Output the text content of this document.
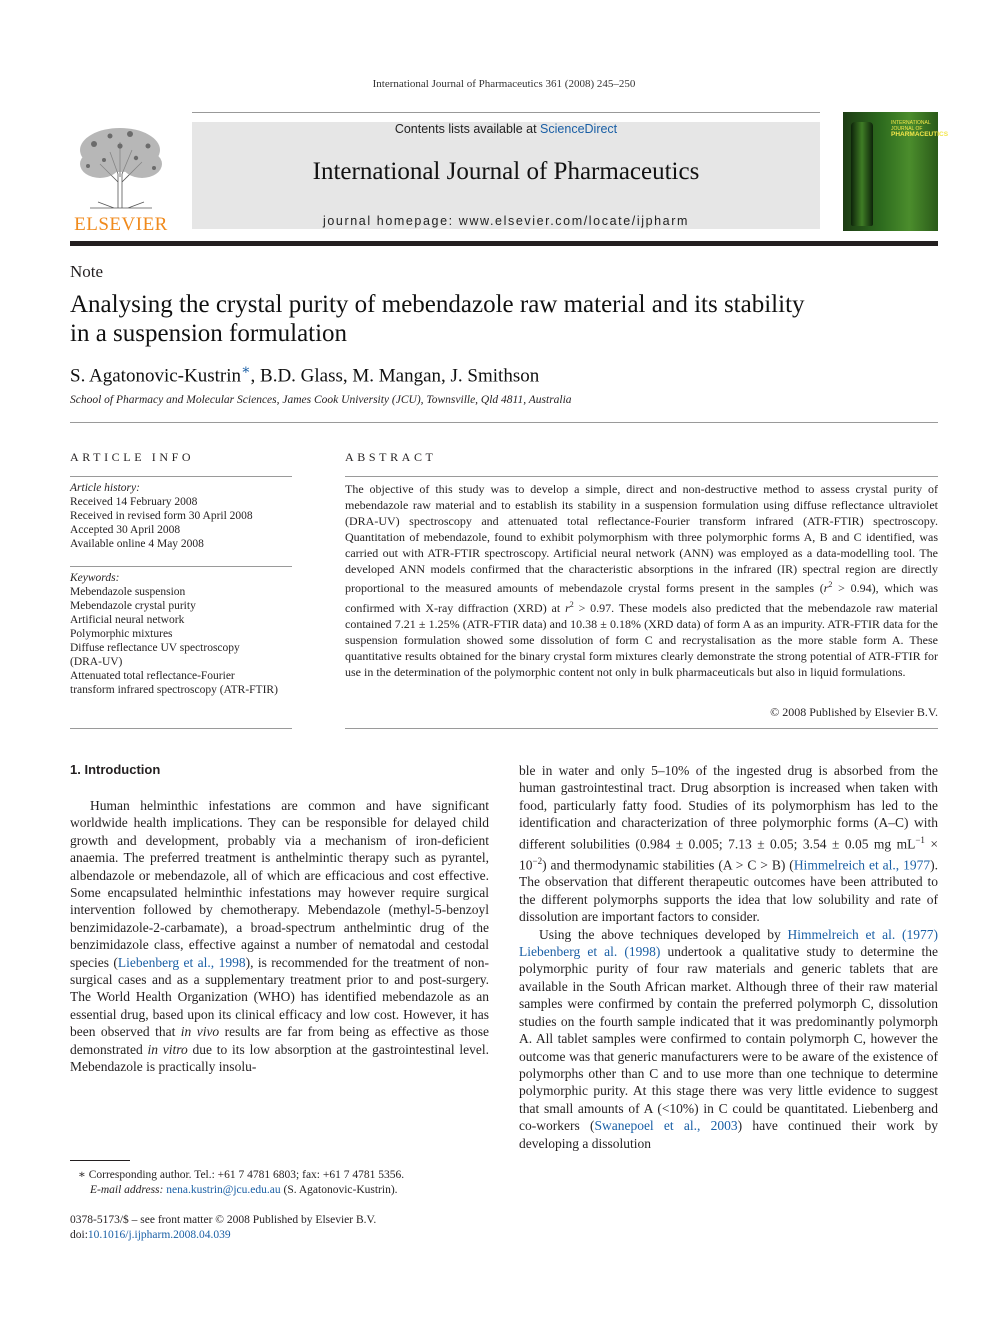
International Journal of Pharmaceutics 361 (2008) 245–250
ELSEVIER
Contents lists available at ScienceDirect
International Journal of Pharmaceutics
journal homepage: www.elsevier.com/locate/ijpharm
INTERNATIONAL JOURNAL OF
PHARMACEUTICS
Note
Analysing the crystal purity of mebendazole raw material and its stability
in a suspension formulation
S. Agatonovic-Kustrin∗, B.D. Glass, M. Mangan, J. Smithson
School of Pharmacy and Molecular Sciences, James Cook University (JCU), Townsville, Qld 4811, Australia
ARTICLE INFO
Article history:
Received 14 February 2008
Received in revised form 30 April 2008
Accepted 30 April 2008
Available online 4 May 2008
Keywords:
Mebendazole suspension
Mebendazole crystal purity
Artificial neural network
Polymorphic mixtures
Diffuse reflectance UV spectroscopy
(DRA-UV)
Attenuated total reflectance-Fourier
transform infrared spectroscopy (ATR-FTIR)
ABSTRACT
The objective of this study was to develop a simple, direct and non-destructive method to assess crystal purity of mebendazole raw material and to establish its stability in a suspension formulation using diffuse reflectance ultraviolet (DRA-UV) spectroscopy and attenuated total reflectance-Fourier transform infrared (ATR-FTIR) spectroscopy. Quantitation of mebendazole, found to exhibit polymorphism with three polymorphic forms A, B and C identified, was carried out with ATR-FTIR spectroscopy. Artificial neural network (ANN) was employed as a data-modelling tool. The developed ANN models confirmed that the characteristic absorptions in the infrared (IR) spectral region are directly proportional to the measured amounts of mebendazole crystal forms present in the samples $(r^2 > 0.94)$, which was confirmed with X-ray diffraction (XRD) at $r^2 > 0.97$. These models also predicted that the mebendazole raw material contained 7.21 ± 1.25% (ATR-FTIR data) and 10.38 ± 0.18% (XRD data) of form A as an impurity. ATR-FTIR data for the suspension formulation showed some dissolution of form C and recrystalisation as the more stable form A. These quantitative results obtained for the binary crystal form mixtures clearly demonstrate the strong potential of ATR-FTIR for use in the determination of the polymorphic content not only in bulk pharmaceuticals but also in liquid formulations.
© 2008 Published by Elsevier B.V.
1. Introduction

Human helminthic infestations are common and have significant worldwide health implications. They can be responsible for delayed child growth and development, probably via a mechanism of iron-deficient anaemia. The preferred treatment is anthelmintic therapy such as pyrantel, albendazole or mebendazole, all of which are efficacious and cost effective. Some encapsulated helminthic infestations may however require surgical intervention followed by chemotherapy. Mebendazole (methyl-5-benzoyl benzimidazole-2-carbamate), a broad-spectrum anthelmintic drug of the benzimidazole class, effective against a number of nematodal and cestodal species (Liebenberg et al., 1998), is recommended for the treatment of non-surgical cases and as a supplementary treatment prior to and post-surgery. The World Health Organization (WHO) has identified mebendazole as an essential drug, based upon its clinical efficacy and low cost. However, it has been observed that in vivo results are far from being as effective as those demonstrated in vitro due to its low absorption at the gastrointestinal level. Mebendazole is practically insolu-

ble in water and only 5–10% of the ingested drug is absorbed from the human gastrointestinal tract. Drug absorption is increased when taken with food, particularly fatty food. Studies of its polymorphism has led to the identification and characterization of three polymorphic forms (A–C) with different solubilities (0.984 ± 0.005; 7.13 ± 0.05; 3.54 ± 0.05 mg $mL^{-1} \times 10^{-2}$) and thermodynamic stabilities (A > C > B) (Himmelreich et al., 1977). The observation that different therapeutic outcomes have been attributed to the different polymorphs supports the idea that low solubility and rate of dissolution are important factors to consider.

Using the above techniques developed by Himmelreich et al. (1977) Liebenberg et al. (1998) undertook a qualitative study to determine the polymorphic purity of four raw materials and generic tablets that are available in the South African market. Although three of their raw material samples were confirmed by contain the preferred polymorph C, dissolution studies on the fourth sample indicated that it was predominantly polymorph A. All tablet samples were confirmed to contain polymorph C, however the outcome was that generic manufacturers were to be aware of the existence of polymorphs other than C and to use more than one technique to determine polymorphic purity. At this stage there was very little evidence to suggest that small amounts of A (<10%) in C could be quantitated. Liebenberg and co-workers (Swanepoel et al., 2003) have continued their work by developing a dissolution

∗ Corresponding author. Tel.: +61 7 4781 6803; fax: +61 7 4781 5356.
E-mail address: nena.kustrin@jcu.edu.au (S. Agatonovic-Kustrin).
0378-5173/$ – see front matter © 2008 Published by Elsevier B.V.
doi:10.1016/j.ijpharm.2008.04.039
